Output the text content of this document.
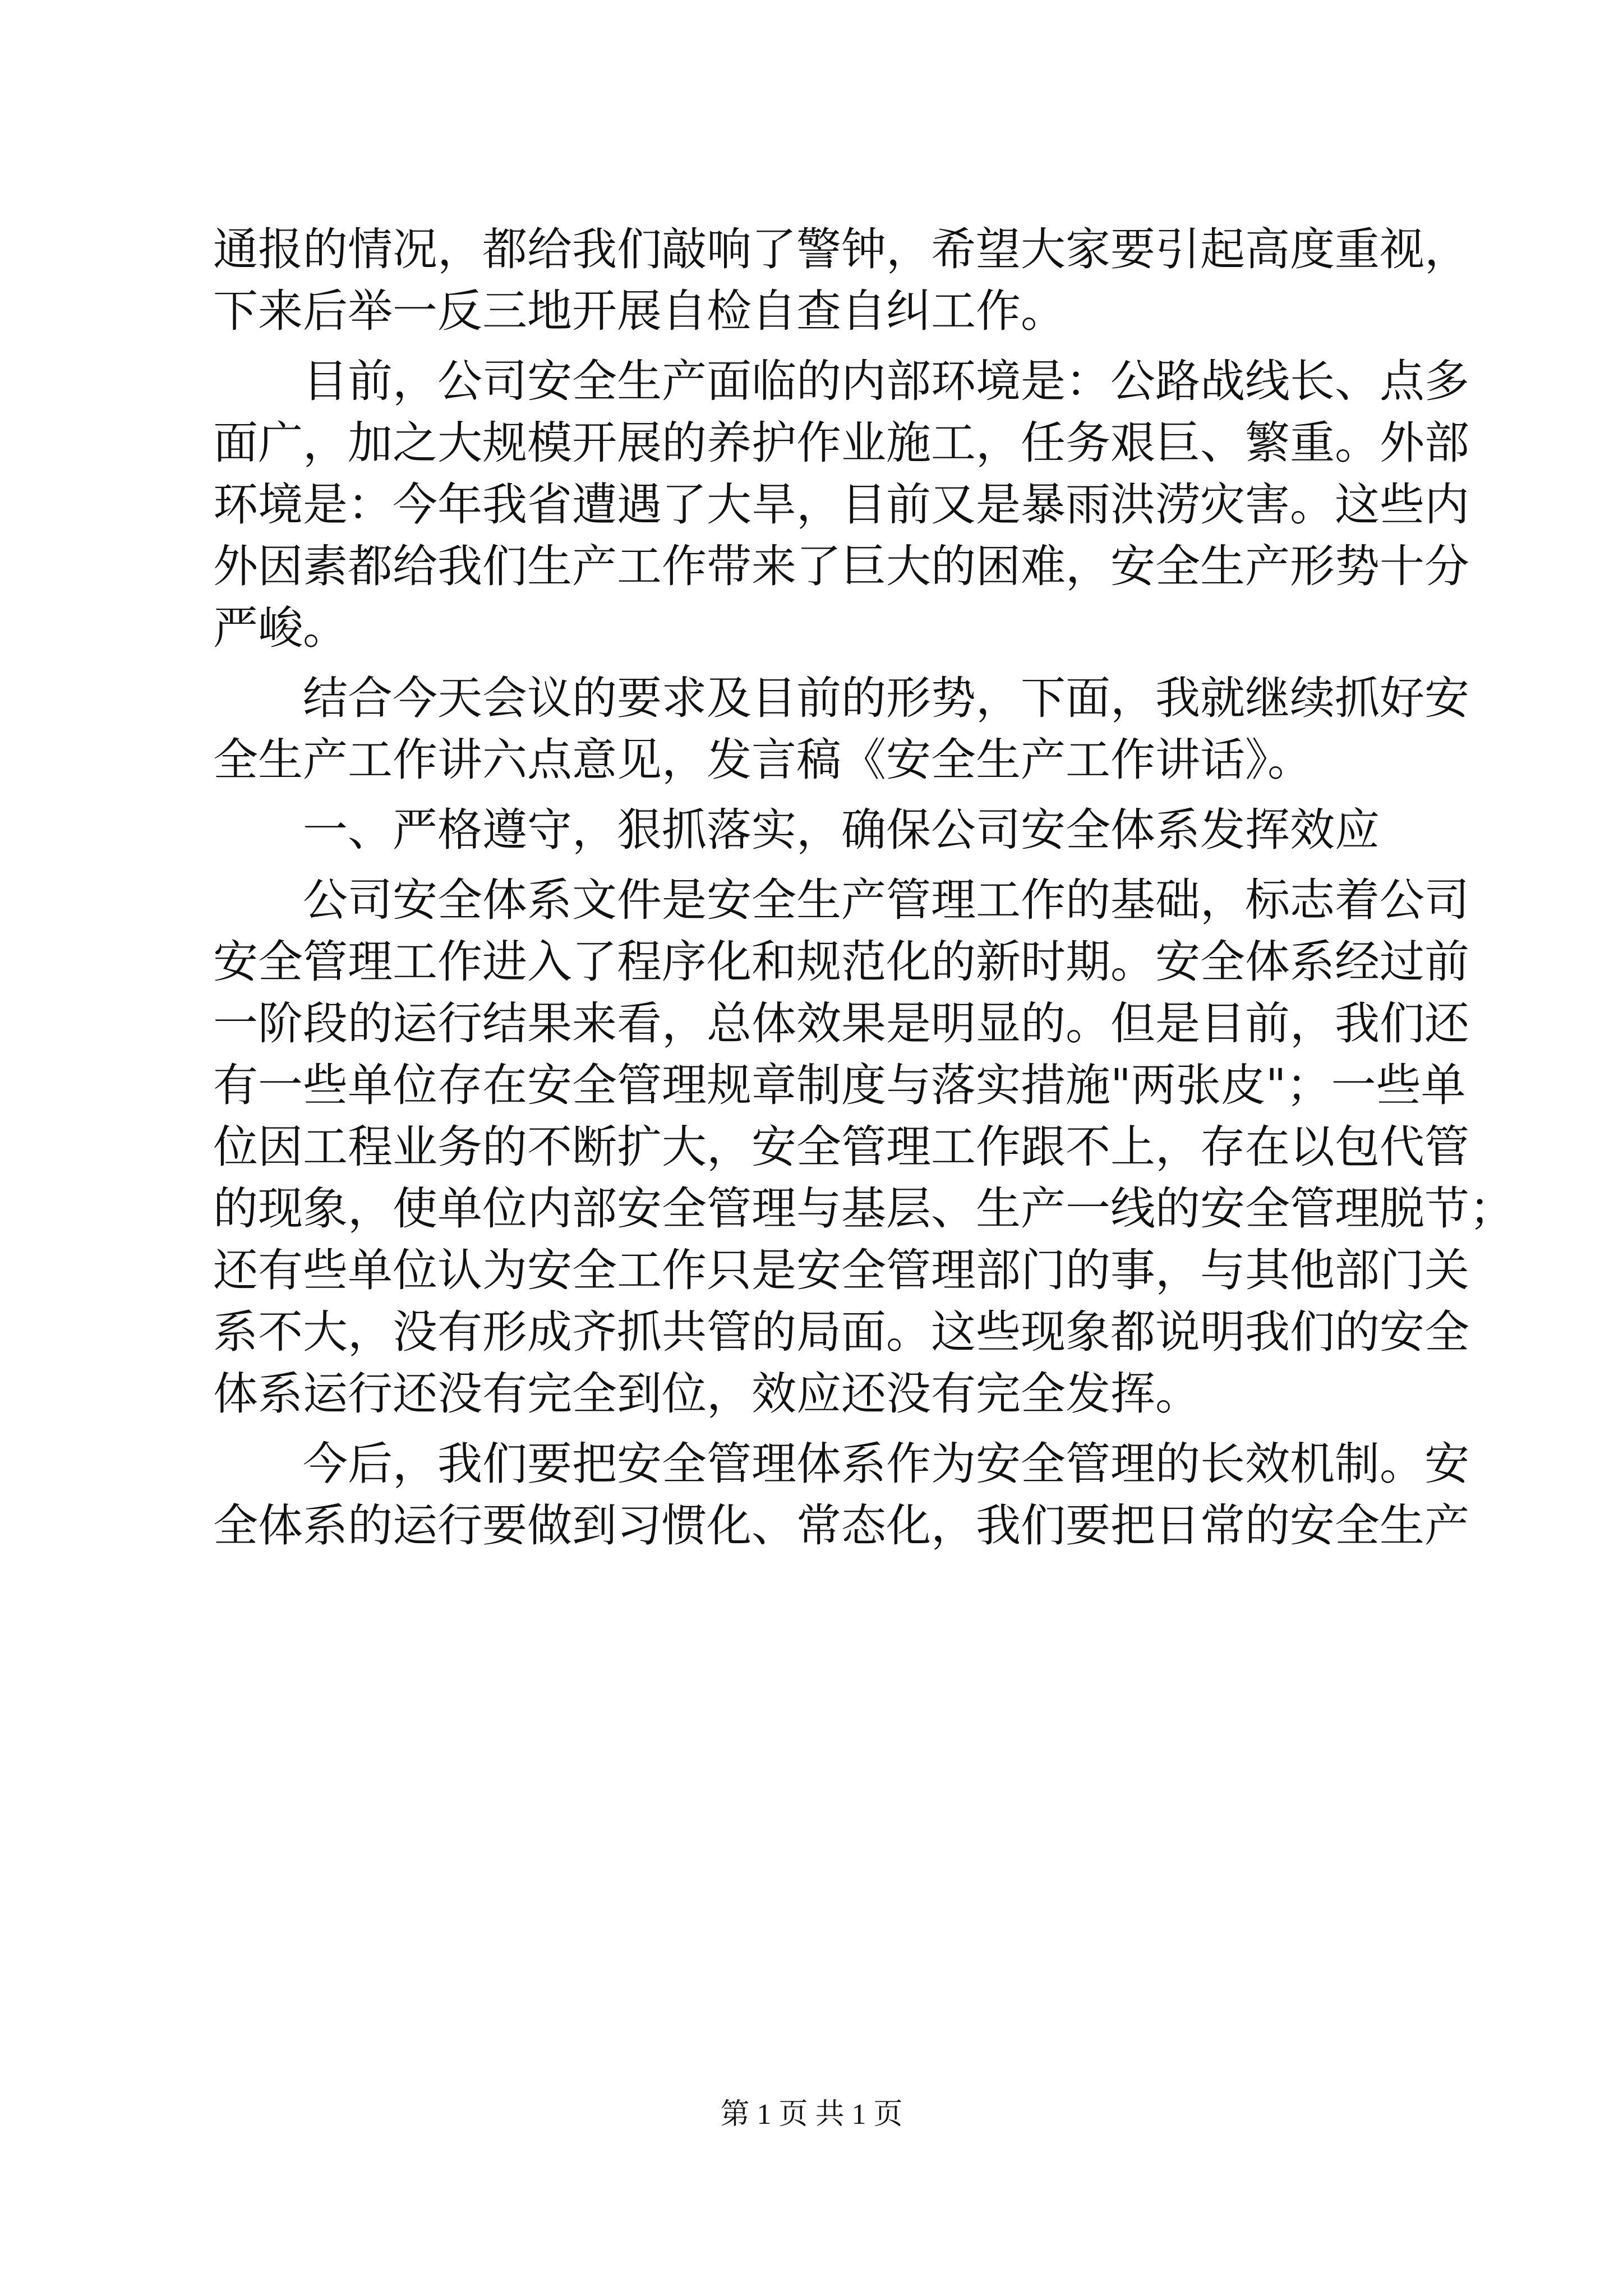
通报的情况，都给我们敲响了警钟，希望大家要引起高度重视，
下来后举一反三地开展自检自查自纠工作。
目前，公司安全生产面临的内部环境是：公路战线长、点多
面广，加之大规模开展的养护作业施工，任务艰巨、繁重。外部
环境是：今年我省遭遇了大旱，目前又是暴雨洪涝灾害。这些内
外因素都给我们生产工作带来了巨大的困难，安全生产形势十分
严峻。
结合今天会议的要求及目前的形势，下面，我就继续抓好安
全生产工作讲六点意见，发言稿《安全生产工作讲话》。
一、严格遵守，狠抓落实，确保公司安全体系发挥效应
公司安全体系文件是安全生产管理工作的基础，标志着公司
安全管理工作进入了程序化和规范化的新时期。安全体系经过前
一阶段的运行结果来看，总体效果是明显的。但是目前，我们还
有一些单位存在安全管理规章制度与落实措施"两张皮"；一些单
位因工程业务的不断扩大，安全管理工作跟不上，存在以包代管
的现象，使单位内部安全管理与基层、生产一线的安全管理脱节；
还有些单位认为安全工作只是安全管理部门的事，与其他部门关
系不大，没有形成齐抓共管的局面。这些现象都说明我们的安全
体系运行还没有完全到位，效应还没有完全发挥。
今后，我们要把安全管理体系作为安全管理的长效机制。安
全体系的运行要做到习惯化、常态化，我们要把日常的安全生产
第 1 页 共 1 页
